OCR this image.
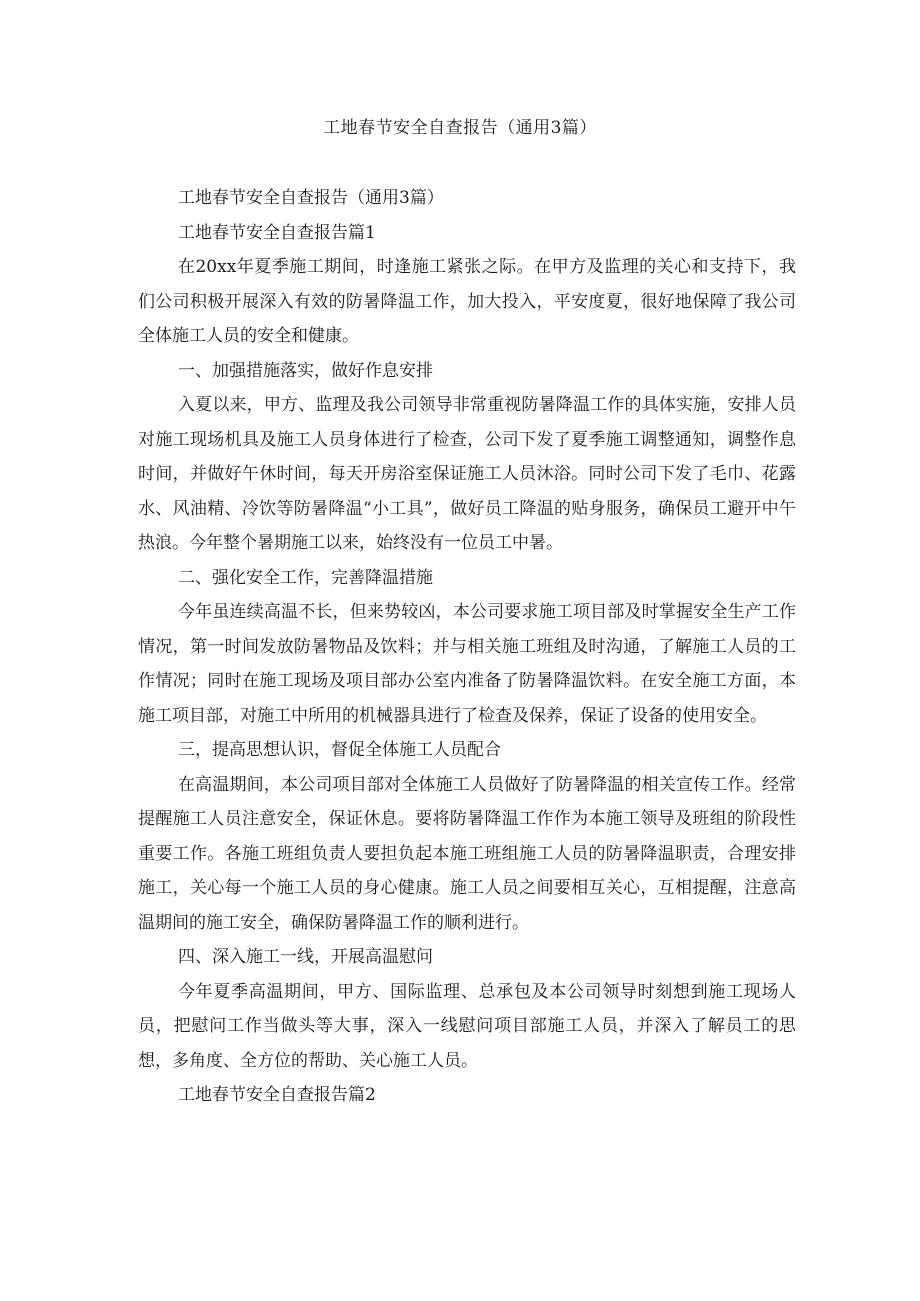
工地春节安全自查报告（通用3篇）

工地春节安全自查报告（通用3篇）

工地春节安全自查报告篇1

在20xx年夏季施工期间，时逢施工紧张之际。在甲方及监理的关心和支持下，我们公司积极开展深入有效的防暑降温工作，加大投入，平安度夏，很好地保障了我公司全体施工人员的安全和健康。

一、加强措施落实，做好作息安排

入夏以来，甲方、监理及我公司领导非常重视防暑降温工作的具体实施，安排人员对施工现场机具及施工人员身体进行了检查，公司下发了夏季施工调整通知，调整作息时间，并做好午休时间，每天开房浴室保证施工人员沐浴。同时公司下发了毛巾、花露水、风油精、冷饮等防暑降温“小工具”，做好员工降温的贴身服务，确保员工避开中午热浪。今年整个暑期施工以来，始终没有一位员工中暑。

二、强化安全工作，完善降温措施

今年虽连续高温不长，但来势较凶，本公司要求施工项目部及时掌握安全生产工作情况，第一时间发放防暑物品及饮料；并与相关施工班组及时沟通，了解施工人员的工作情况；同时在施工现场及项目部办公室内准备了防暑降温饮料。在安全施工方面，本施工项目部，对施工中所用的机械器具进行了检查及保养，保证了设备的使用安全。

三，提高思想认识，督促全体施工人员配合

在高温期间，本公司项目部对全体施工人员做好了防暑降温的相关宣传工作。经常提醒施工人员注意安全，保证休息。要将防暑降温工作作为本施工领导及班组的阶段性重要工作。各施工班组负责人要担负起本施工班组施工人员的防暑降温职责，合理安排施工，关心每一个施工人员的身心健康。施工人员之间要相互关心，互相提醒，注意高温期间的施工安全，确保防暑降温工作的顺利进行。

四、深入施工一线，开展高温慰问

今年夏季高温期间，甲方、国际监理、总承包及本公司领导时刻想到施工现场人员，把慰问工作当做头等大事，深入一线慰问项目部施工人员，并深入了解员工的思想，多角度、全方位的帮助、关心施工人员。

工地春节安全自查报告篇2
